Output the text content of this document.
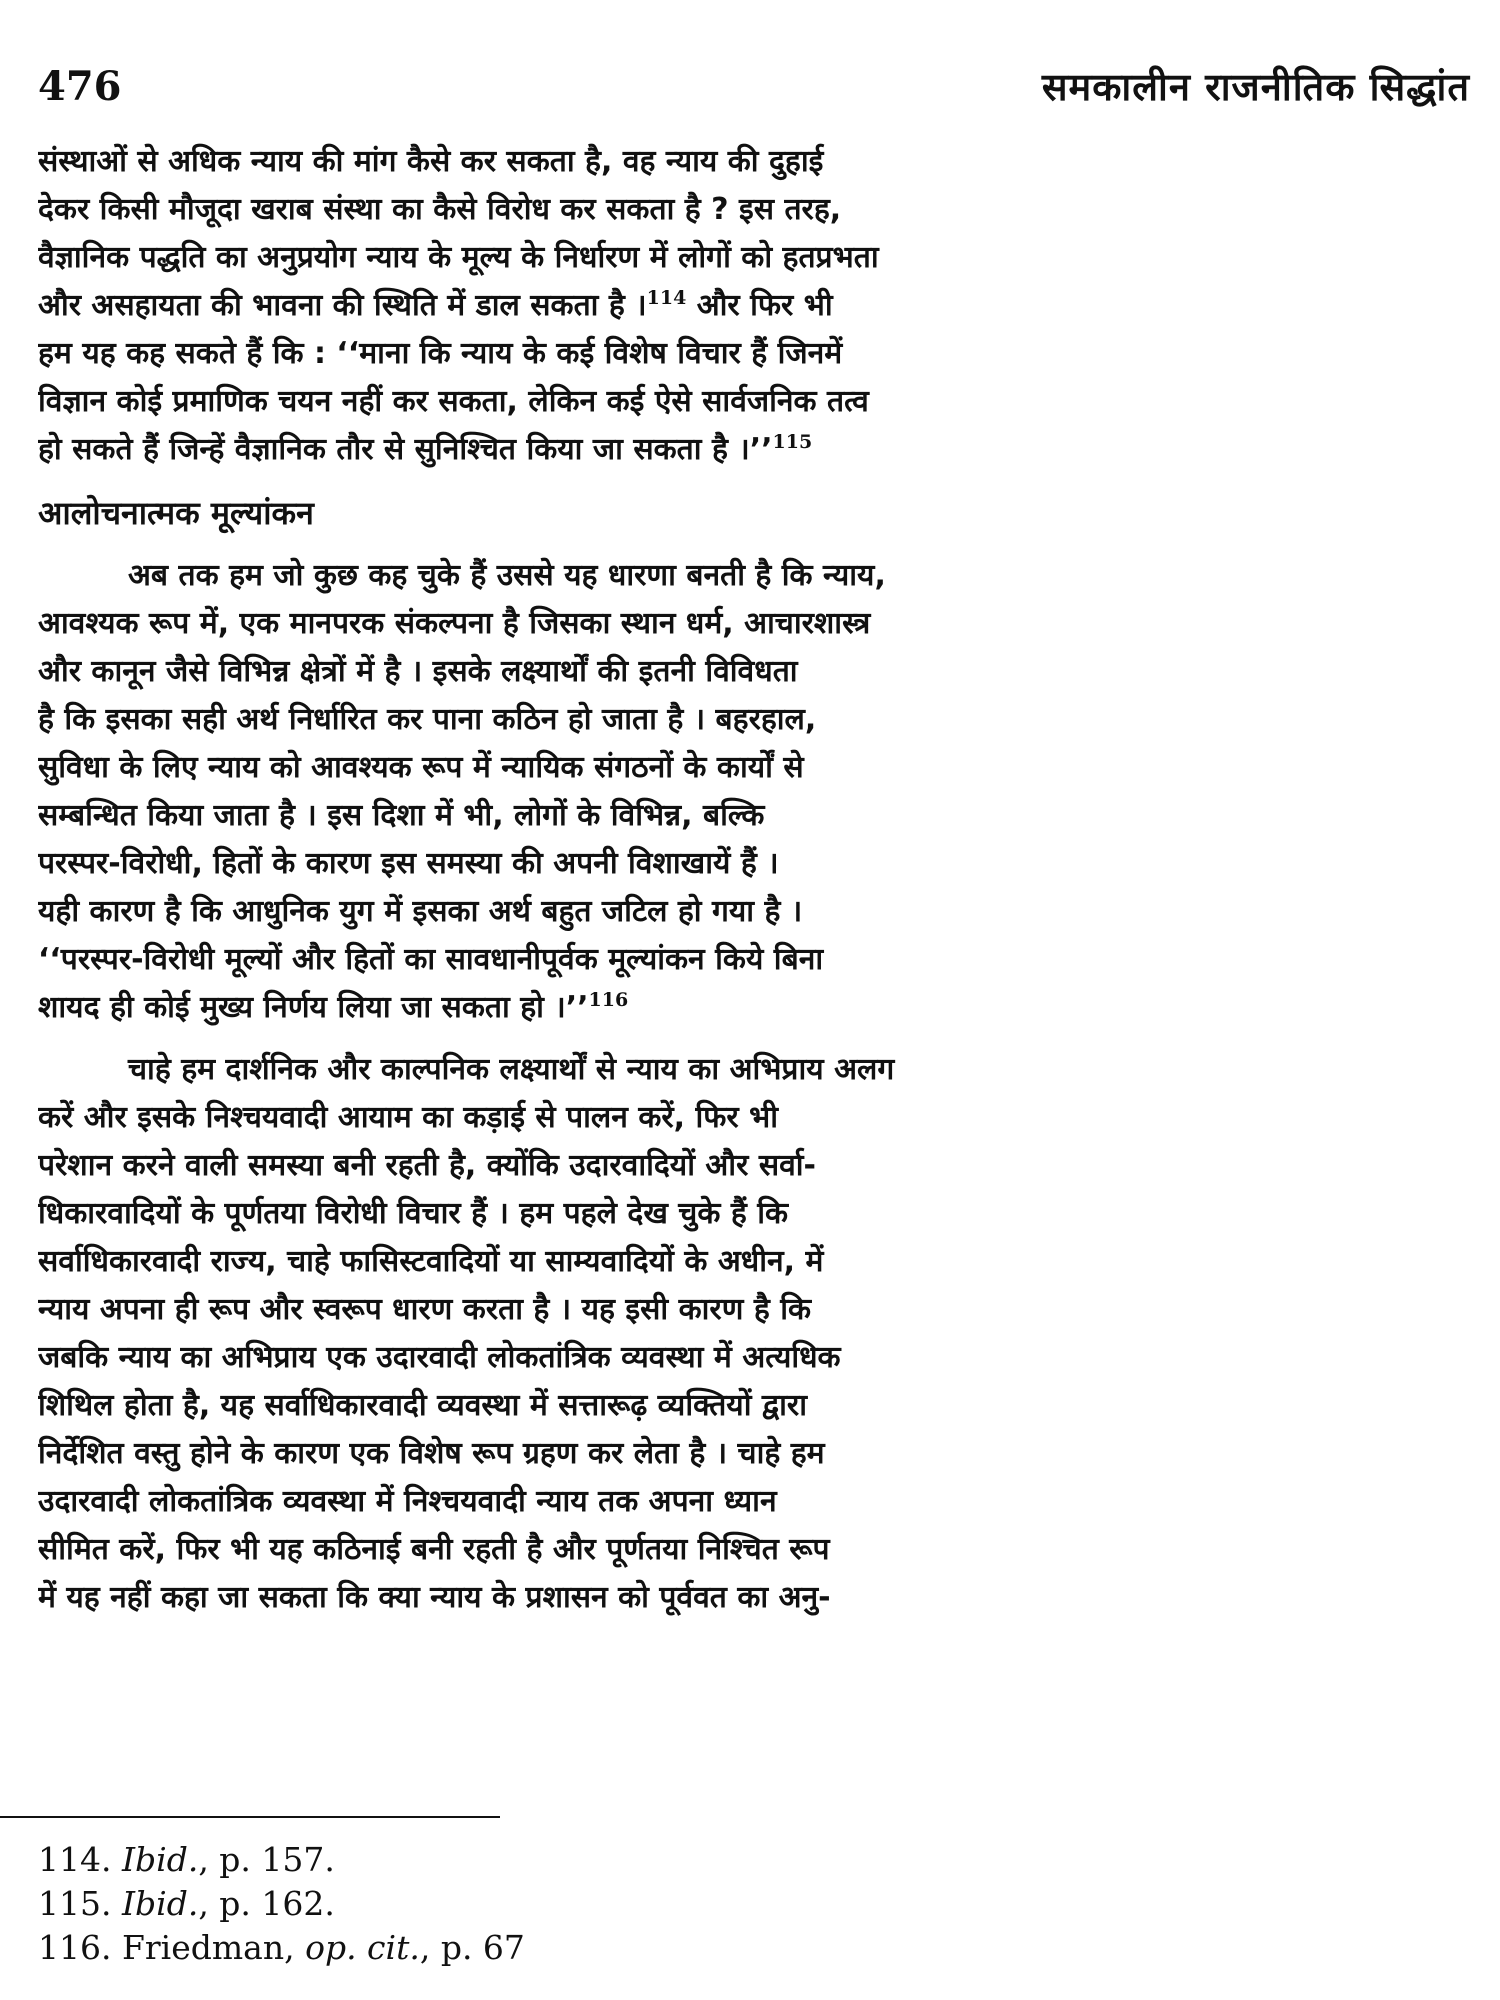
476	समकालीन राजनीतिक सिद्धांत
संस्थाओं से अधिक न्याय की मांग कैसे कर सकता है, वह न्याय की दुहाई
देकर किसी मौजूदा खराब संस्था का कैसे विरोध कर सकता है ? इस तरह,
वैज्ञानिक पद्धति का अनुप्रयोग न्याय के मूल्य के निर्धारण में लोगों को हतप्रभता
और असहायता की भावना की स्थिति में डाल सकता है ।$^{114}$ और फिर भी
हम यह कह सकते हैं कि : ‘‘माना कि न्याय के कई विशेष विचार हैं जिनमें
विज्ञान कोई प्रमाणिक चयन नहीं कर सकता, लेकिन कई ऐसे सार्वजनिक तत्व
हो सकते हैं जिन्हें वैज्ञानिक तौर से सुनिश्चित किया जा सकता है ।’’$^{115}$
आलोचनात्मक मूल्यांकन
अब तक हम जो कुछ कह चुके हैं उससे यह धारणा बनती है कि न्याय,
आवश्यक रूप में, एक मानपरक संकल्पना है जिसका स्थान धर्म, आचारशास्त्र
और कानून जैसे विभिन्न क्षेत्रों में है । इसके लक्ष्यार्थों की इतनी विविधता
है कि इसका सही अर्थ निर्धारित कर पाना कठिन हो जाता है । बहरहाल,
सुविधा के लिए न्याय को आवश्यक रूप में न्यायिक संगठनों के कार्यों से
सम्बन्धित किया जाता है । इस दिशा में भी, लोगों के विभिन्न, बल्कि
परस्पर-विरोधी, हितों के कारण इस समस्या की अपनी विशाखायें हैं ।
यही कारण है कि आधुनिक युग में इसका अर्थ बहुत जटिल हो गया है ।
‘‘परस्पर-विरोधी मूल्यों और हितों का सावधानीपूर्वक मूल्यांकन किये बिना
शायद ही कोई मुख्य निर्णय लिया जा सकता हो ।’’$^{116}$
चाहे हम दार्शनिक और काल्पनिक लक्ष्यार्थों से न्याय का अभिप्राय अलग
करें और इसके निश्चयवादी आयाम का कड़ाई से पालन करें, फिर भी
परेशान करने वाली समस्या बनी रहती है, क्योंकि उदारवादियों और सर्वा-
धिकारवादियों के पूर्णतया विरोधी विचार हैं । हम पहले देख चुके हैं कि
सर्वाधिकारवादी राज्य, चाहे फासिस्टवादियों या साम्यवादियों के अधीन, में
न्याय अपना ही रूप और स्वरूप धारण करता है । यह इसी कारण है कि
जबकि न्याय का अभिप्राय एक उदारवादी लोकतांत्रिक व्यवस्था में अत्यधिक
शिथिल होता है, यह सर्वाधिकारवादी व्यवस्था में सत्तारूढ़ व्यक्तियों द्वारा
निर्देशित वस्तु होने के कारण एक विशेष रूप ग्रहण कर लेता है । चाहे हम
उदारवादी लोकतांत्रिक व्यवस्था में निश्चयवादी न्याय तक अपना ध्यान
सीमित करें, फिर भी यह कठिनाई बनी रहती है और पूर्णतया निश्चित रूप
में यह नहीं कहा जा सकता कि क्या न्याय के प्रशासन को पूर्ववत का अनु-
114. Ibid., p. 157.
115. Ibid., p. 162.
116. Friedman, op. cit., p. 67
